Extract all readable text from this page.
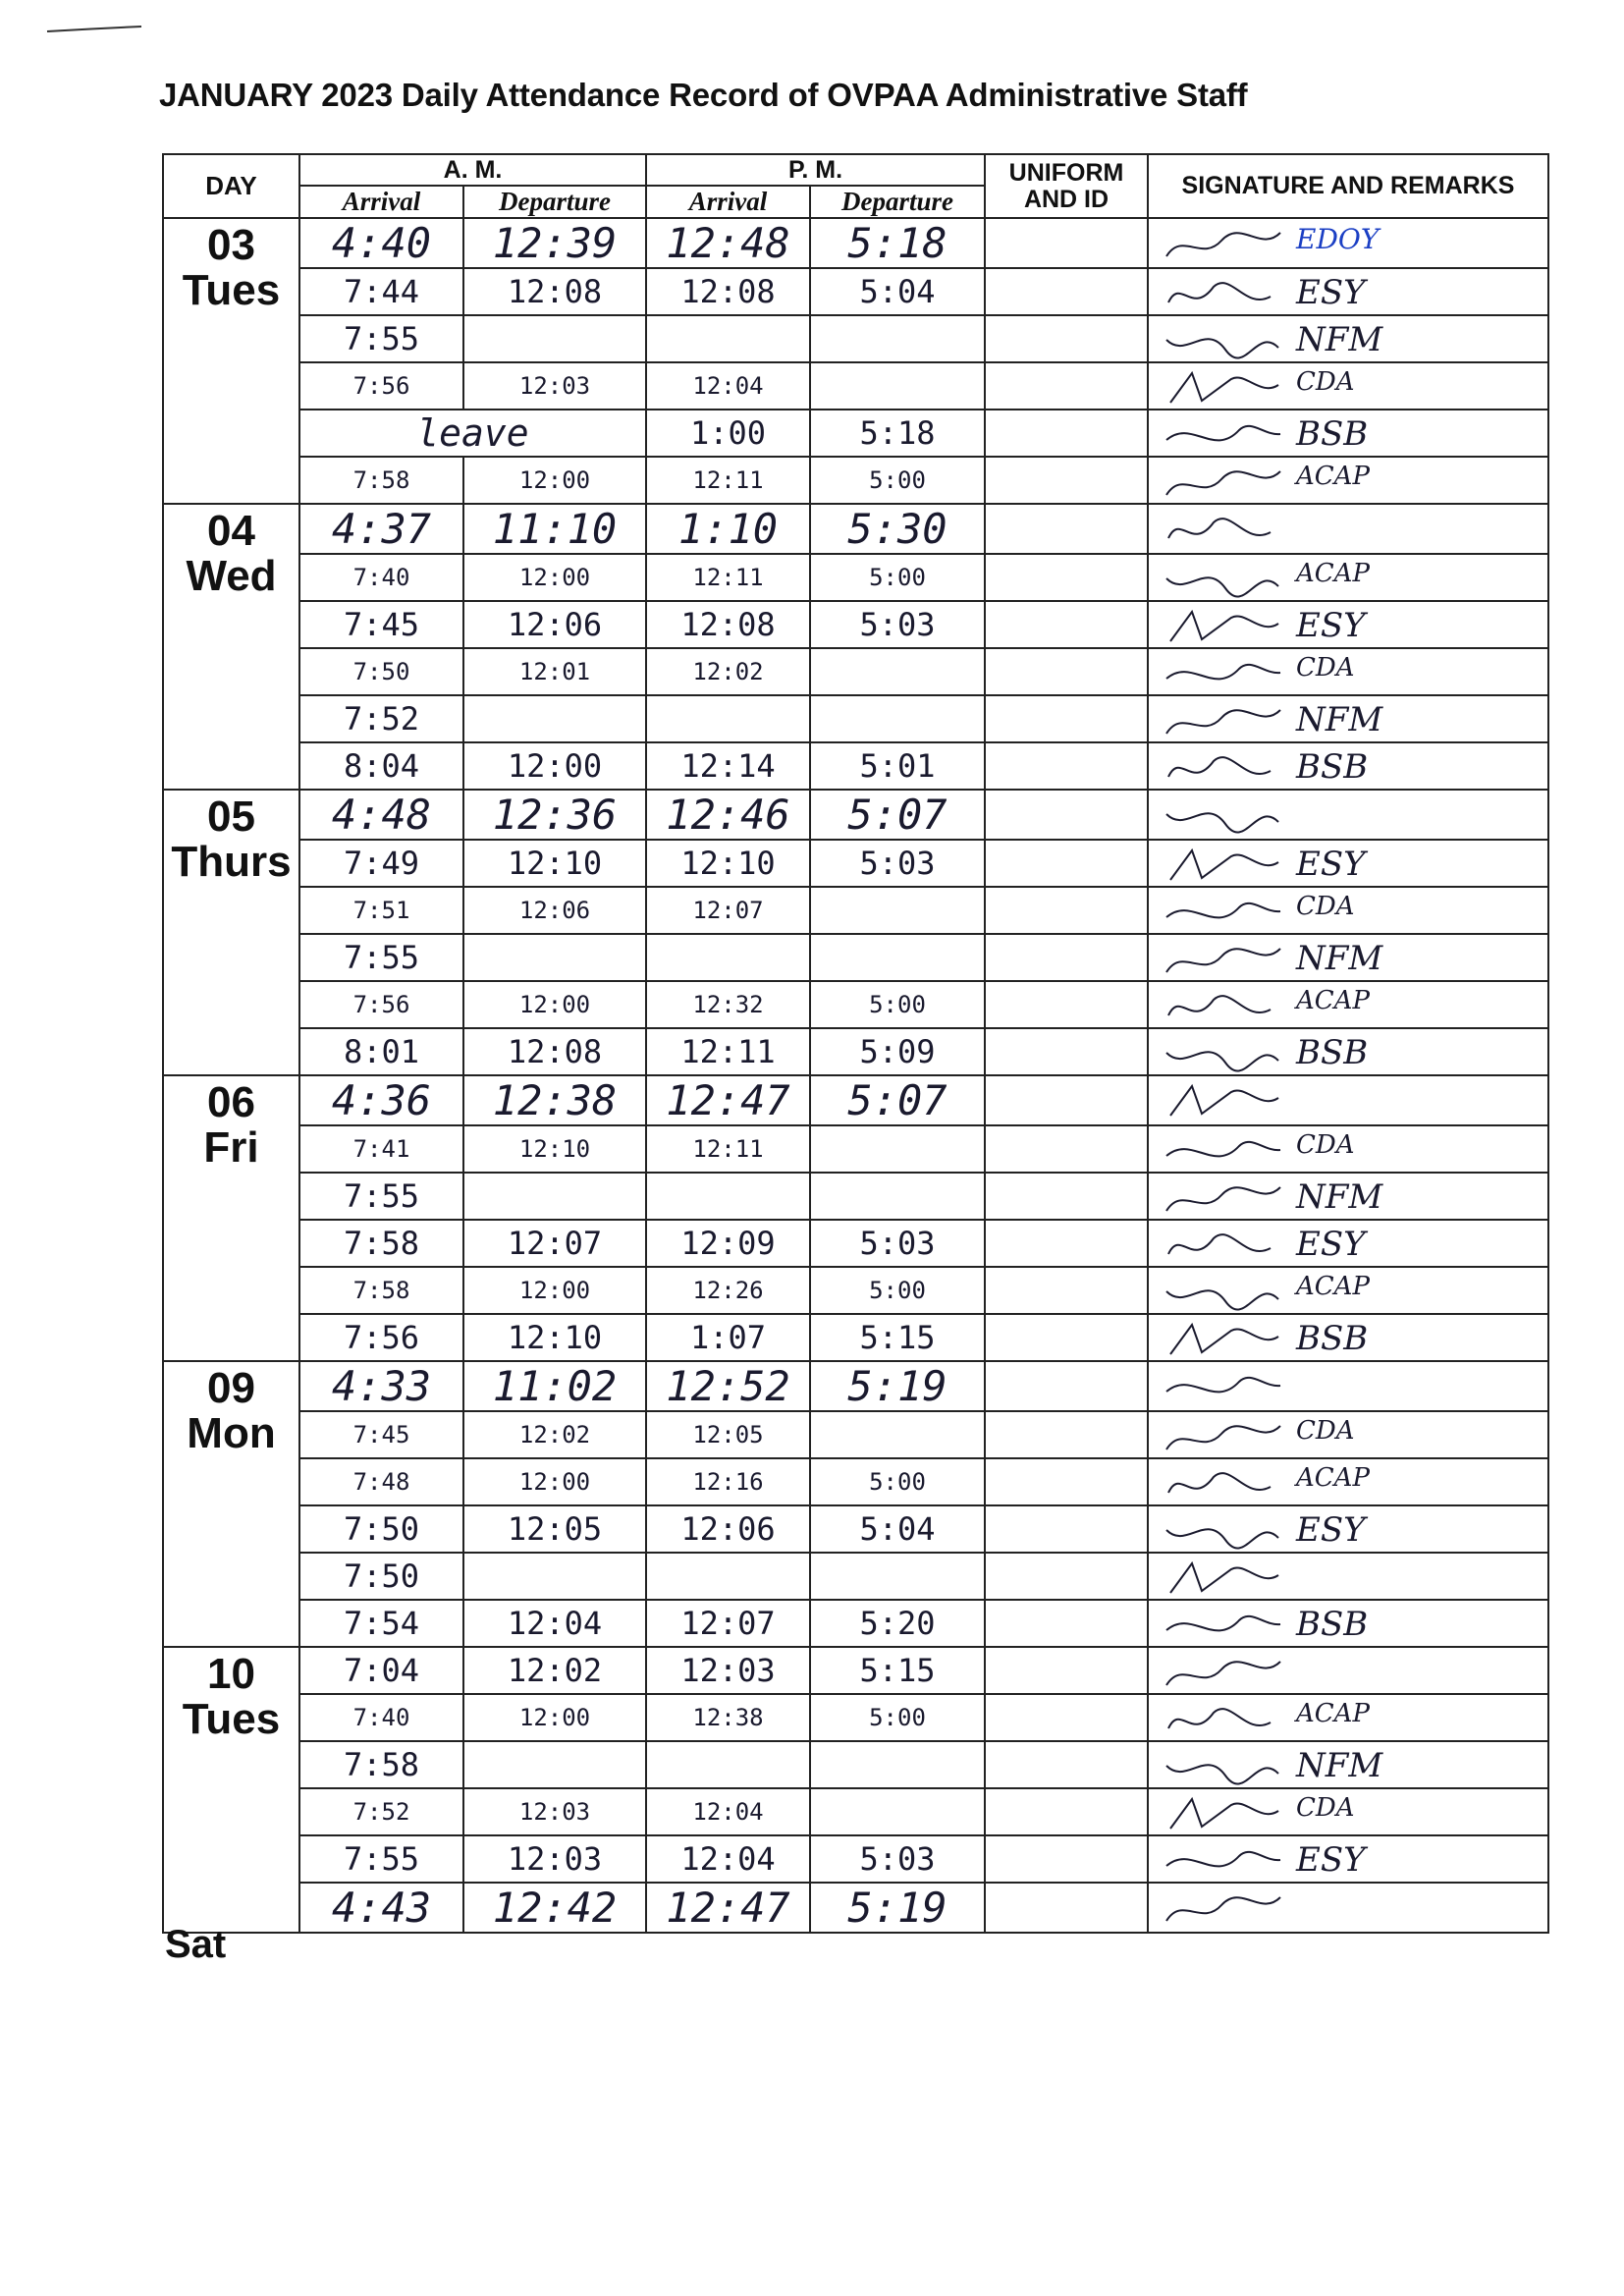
JANUARY 2023 Daily Attendance Record of OVPAA Administrative Staff
DAY	A. M.		P. M.		UNIFORM AND ID	SIGNATURE AND REMARKS
	Arrival	Departure	Arrival	Departure		

03
Tues	4:40	12:39	12:48	5:18		EDOY

	7:44	12:08	12:08	5:04		ESY

	7:55					NFM

	7:56	12:03	12:04			CDA

	leave		1:00	5:18		BSB

	7:58	12:00	12:11	5:00		ACAP

04
Wed	4:37	11:10	1:10	5:30		

	7:40	12:00	12:11	5:00		ACAP

	7:45	12:06	12:08	5:03		ESY

	7:50	12:01	12:02			CDA

	7:52					NFM

	8:04	12:00	12:14	5:01		BSB

05
Thurs	4:48	12:36	12:46	5:07		

	7:49	12:10	12:10	5:03		ESY

	7:51	12:06	12:07			CDA

	7:55					NFM

	7:56	12:00	12:32	5:00		ACAP

	8:01	12:08	12:11	5:09		BSB

06
Fri	4:36	12:38	12:47	5:07		

	7:41	12:10	12:11			CDA

	7:55					NFM

	7:58	12:07	12:09	5:03		ESY

	7:58	12:00	12:26	5:00		ACAP

	7:56	12:10	1:07	5:15		BSB

09
Mon	4:33	11:02	12:52	5:19		

	7:45	12:02	12:05			CDA

	7:48	12:00	12:16	5:00		ACAP

	7:50	12:05	12:06	5:04		ESY

	7:50					

	7:54	12:04	12:07	5:20		BSB

10
Tues	7:04	12:02	12:03	5:15		

	7:40	12:00	12:38	5:00		ACAP

	7:58					NFM

	7:52	12:03	12:04			CDA

	7:55	12:03	12:04	5:03		ESY

	4:43	12:42	12:47	5:19		
Sat
